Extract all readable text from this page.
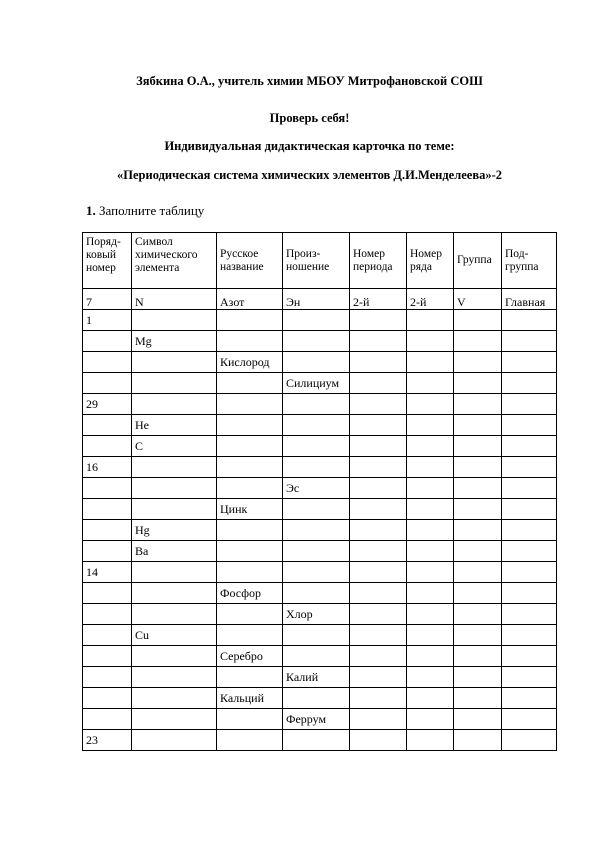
Зябкина О.А., учитель химии МБОУ Митрофановской СОШ
Проверь себя!
Индивидуальная дидактическая карточка по теме:
«Периодическая система химических элементов Д.И.Менделеева»-2
1. Заполните таблицу
Поряд-ковый номер	Символ химического элемента	Русское название	Произ-ношение	Номер периода	Номер ряда	Группа	Под-группа
7	N	Азот	Эн	2-й	2-й	V	Главная
1							
	Mg						
		Кислород					
			Силициум				
29							
	He						
	C						
16							
			Эс				
		Цинк					
	Hg						
	Ba						
14							
		Фосфор					
			Хлор				
	Cu						
		Серебро					
			Калий				
		Кальций					
			Феррум				
23							
